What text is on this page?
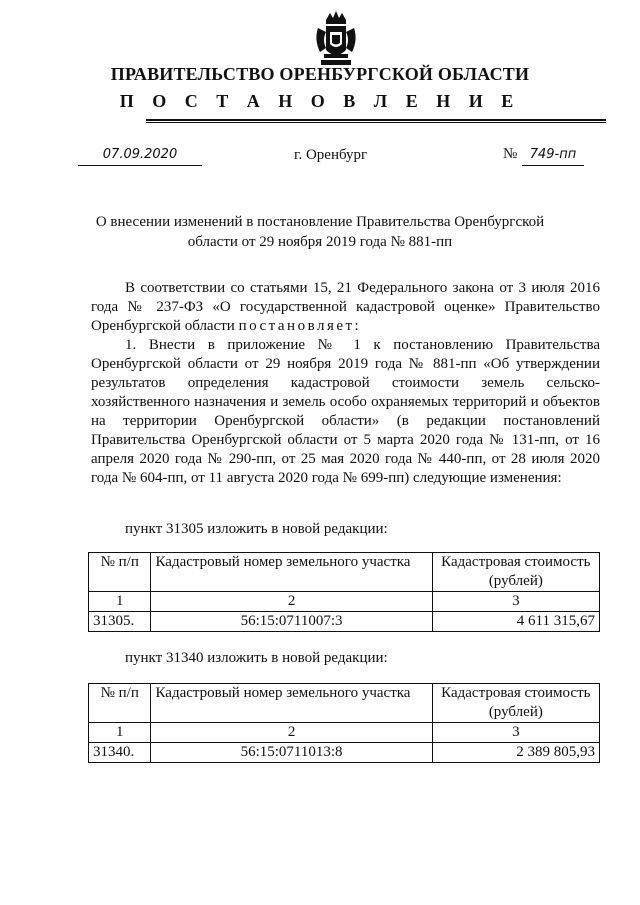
ПРАВИТЕЛЬСТВО ОРЕНБУРГСКОЙ ОБЛАСТИ
П О С Т А Н О В Л Е Н И Е
07.09.2020	г. Оренбург	№ 749-пп
О внесении изменений в постановление Правительства Оренбургской области от 29 ноября 2019 года № 881-пп
В соответствии со статьями 15, 21 Федерального закона от 3 июля 2016 года № 237-ФЗ «О государственной кадастровой оценке» Правительство Оренбургской области постановляет:
1. Внести в приложение № 1 к постановлению Правительства Оренбургской области от 29 ноября 2019 года № 881-пп «Об утверждении результатов определения кадастровой стоимости земель сельско-хозяйственного назначения и земель особо охраняемых территорий и объектов на территории Оренбургской области» (в редакции постановлений Правительства Оренбургской области от 5 марта 2020 года № 131-пп, от 16 апреля 2020 года № 290-пп, от 25 мая 2020 года № 440-пп, от 28 июля 2020 года № 604-пп, от 11 августа 2020 года № 699-пп) следующие изменения:
пункт 31305 изложить в новой редакции:
№ п/п	Кадастровый номер земельного участка	Кадастровая стоимость (рублей)
1	2	3
31305.	56:15:0711007:3	4 611 315,67
пункт 31340 изложить в новой редакции:
№ п/п	Кадастровый номер земельного участка	Кадастровая стоимость (рублей)
1	2	3
31340.	56:15:0711013:8	2 389 805,93
